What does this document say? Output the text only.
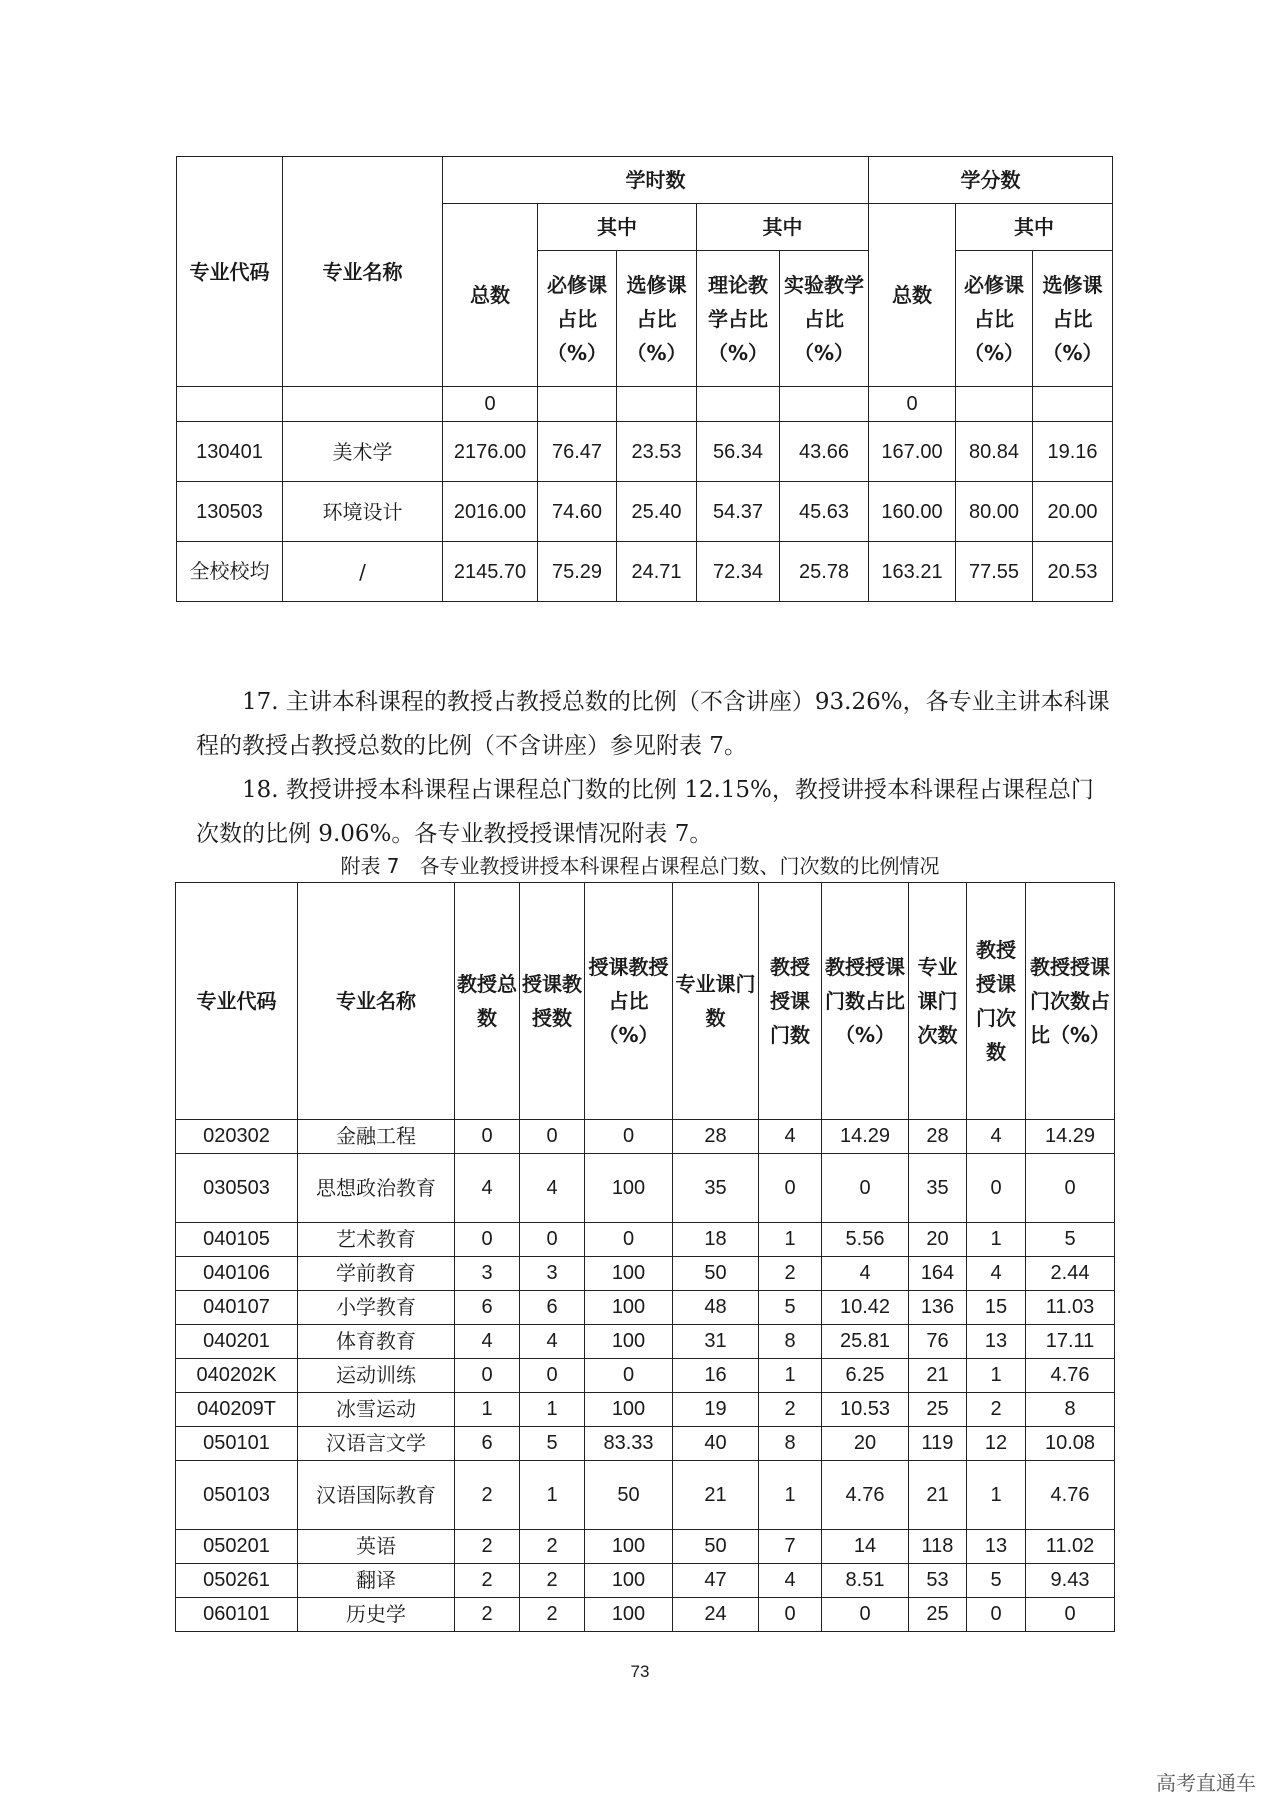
专业代码	专业名称	学时数					学分数		
		总数	其中		其中		总数	其中	
			必修课占比（%）	选修课占比（%）	理论教学占比（%）	实验教学占比（%）		必修课占比（%）	选修课占比（%）
		0					0		
130401	美术学	2176.00	76.47	23.53	56.34	43.66	167.00	80.84	19.16
130503	环境设计	2016.00	74.60	25.40	54.37	45.63	160.00	80.00	20.00
全校校均	/	2145.70	75.29	24.71	72.34	25.78	163.21	77.55	20.53
17. 主讲本科课程的教授占教授总数的比例（不含讲座）93.26%，各专业主讲本科课程的教授占教授总数的比例（不含讲座）参见附表 7。
18. 教授讲授本科课程占课程总门数的比例 12.15%，教授讲授本科课程占课程总门次数的比例 9.06%。各专业教授授课情况附表 7。
附表 7　各专业教授讲授本科课程占课程总门数、门次数的比例情况
专业代码	专业名称	教授总数	授课教授数	授课教授占比（%）	专业课门数	教授授课门数	教授授课门数占比（%）	专业课门次数	教授授课门次数	教授授课门次数占比（%）
020302	金融工程	0	0	0	28	4	14.29	28	4	14.29
030503	思想政治教育	4	4	100	35	0	0	35	0	0
040105	艺术教育	0	0	0	18	1	5.56	20	1	5
040106	学前教育	3	3	100	50	2	4	164	4	2.44
040107	小学教育	6	6	100	48	5	10.42	136	15	11.03
040201	体育教育	4	4	100	31	8	25.81	76	13	17.11
040202K	运动训练	0	0	0	16	1	6.25	21	1	4.76
040209T	冰雪运动	1	1	100	19	2	10.53	25	2	8
050101	汉语言文学	6	5	83.33	40	8	20	119	12	10.08
050103	汉语国际教育	2	1	50	21	1	4.76	21	1	4.76
050201	英语	2	2	100	50	7	14	118	13	11.02
050261	翻译	2	2	100	47	4	8.51	53	5	9.43
060101	历史学	2	2	100	24	0	0	25	0	0
73
高考直通车
